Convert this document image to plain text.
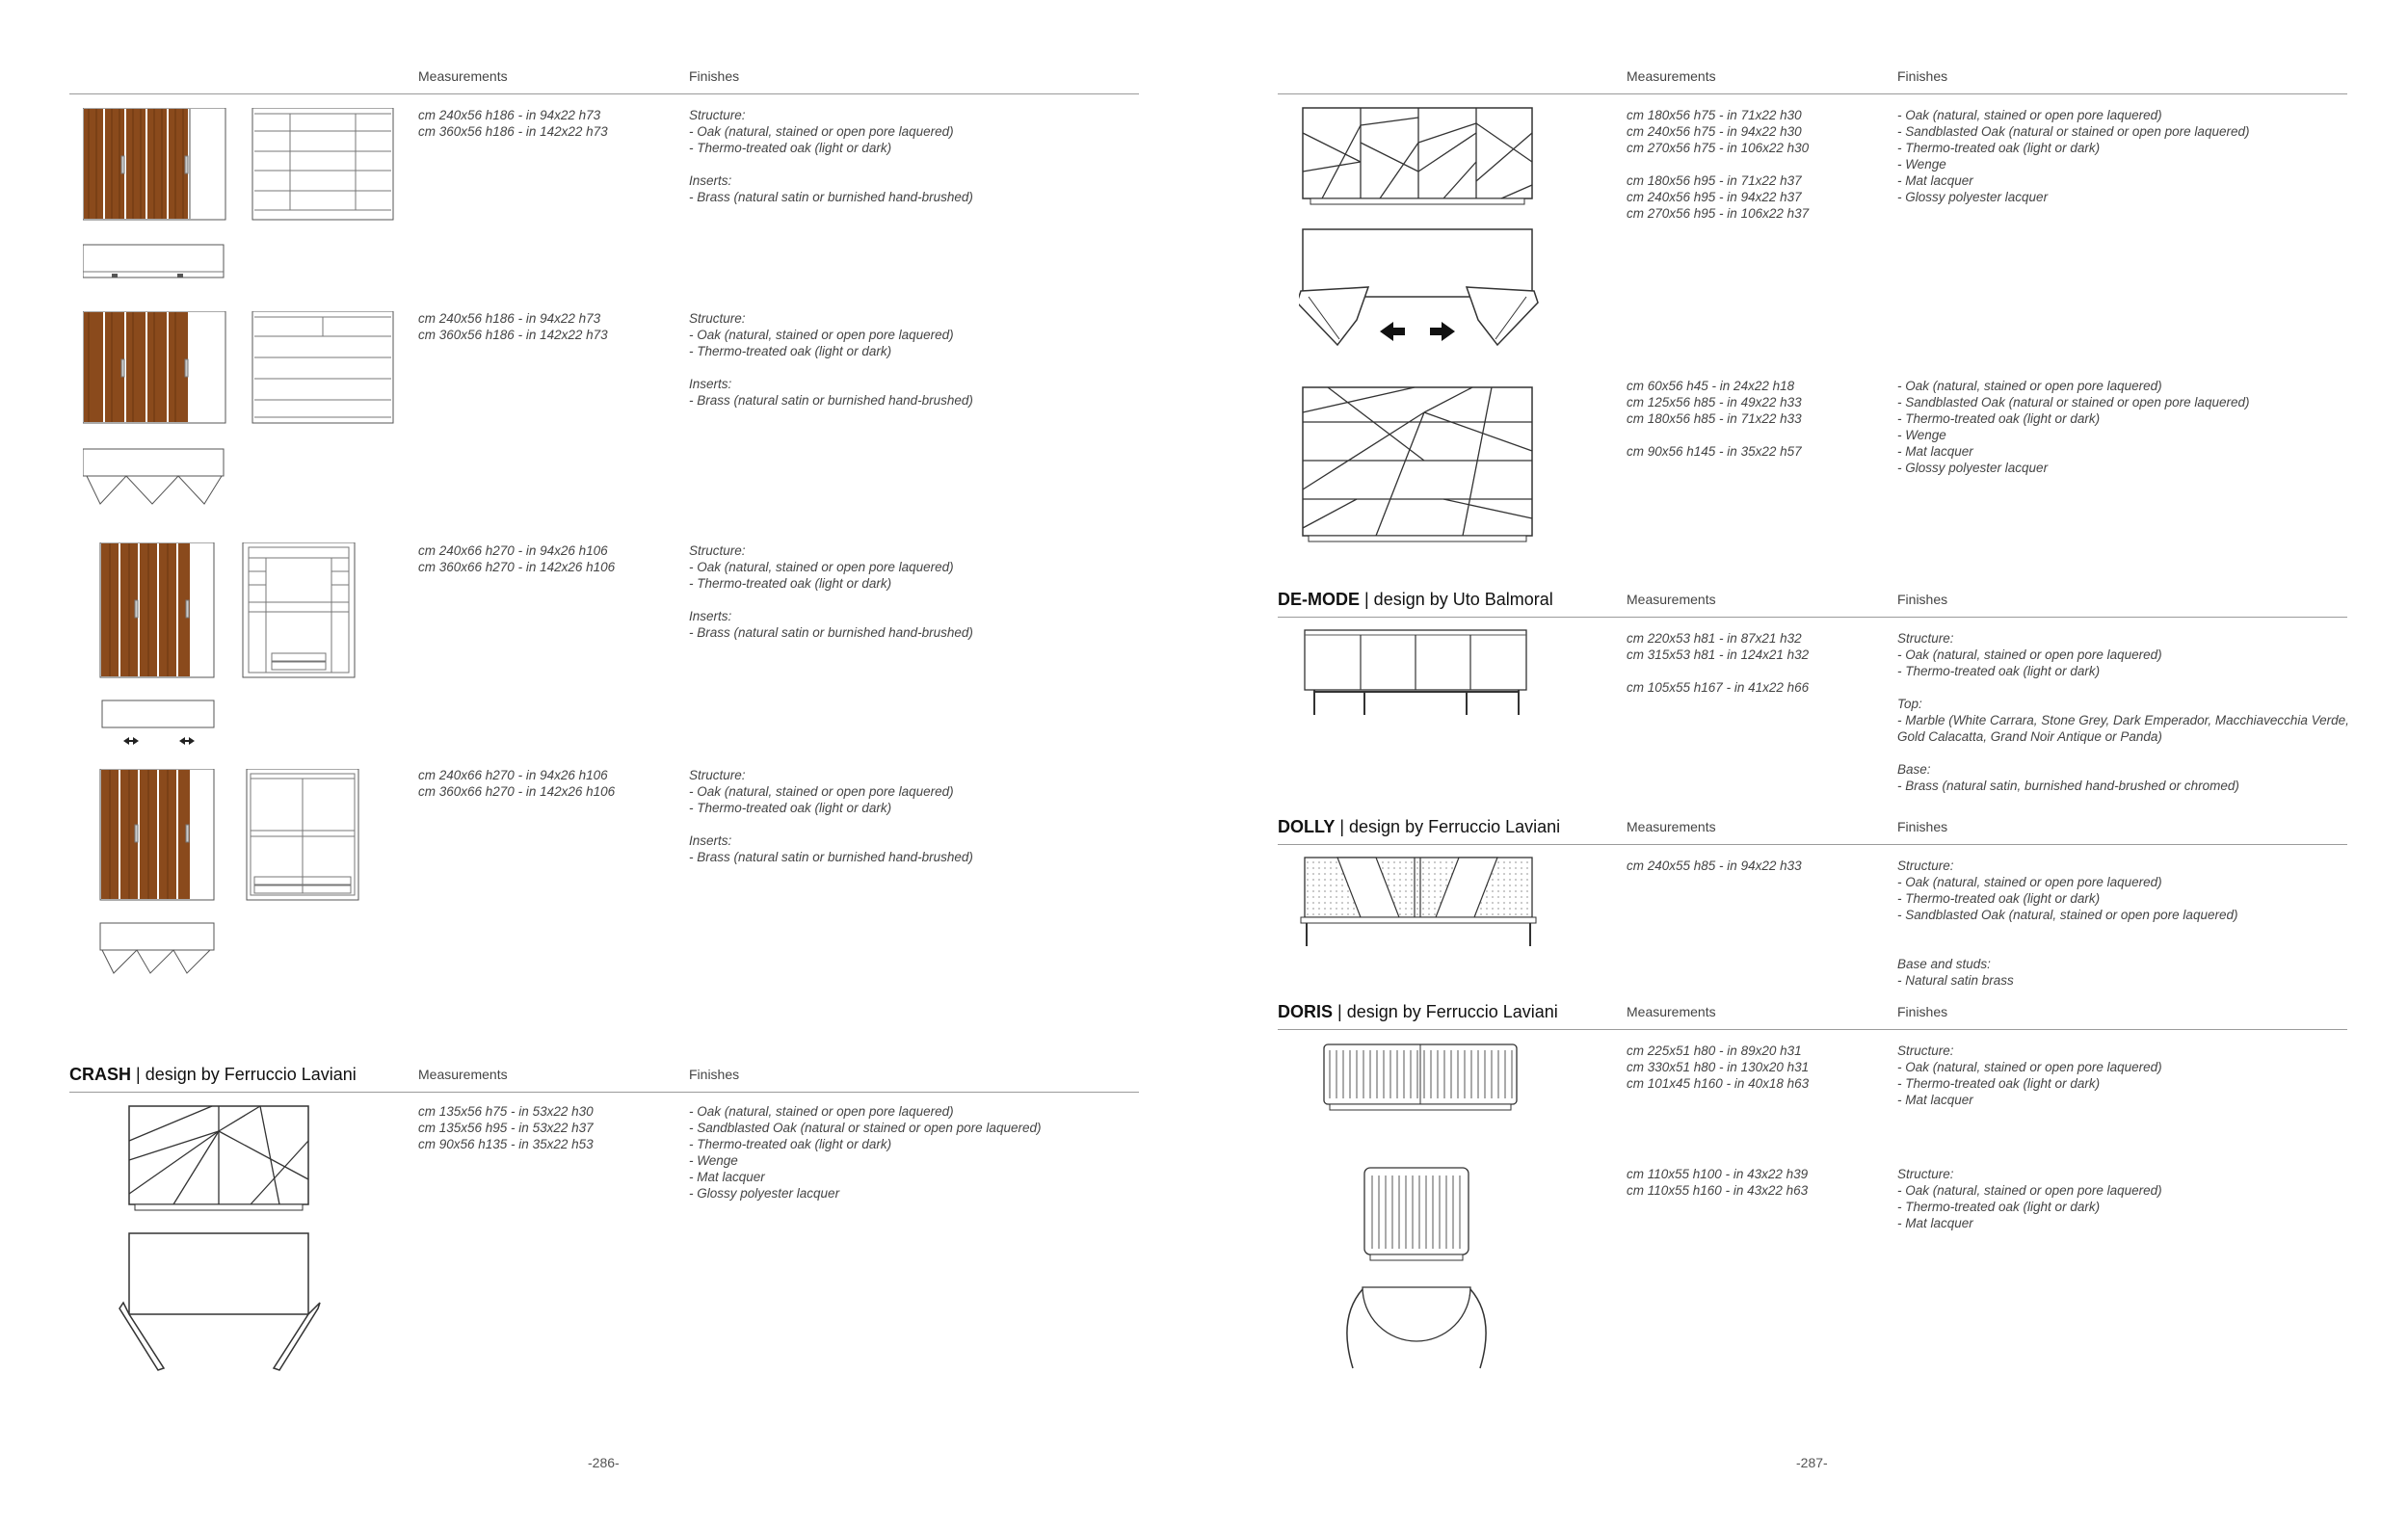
Measurements	Finishes
cm 240x56 h186 - in 94x22 h73
cm 360x56 h186 - in 142x22 h73
Structure:
- Oak (natural, stained or open pore laquered)
- Thermo-treated oak (light or dark)

Inserts:
- Brass (natural satin or burnished hand-brushed)
cm 240x56 h186 - in 94x22 h73
cm 360x56 h186 - in 142x22 h73
Structure:
- Oak (natural, stained or open pore laquered)
- Thermo-treated oak (light or dark)

Inserts:
- Brass (natural satin or burnished hand-brushed)
cm 240x66 h270 - in 94x26 h106
cm 360x66 h270 - in 142x26 h106
Structure:
- Oak (natural, stained or open pore laquered)
- Thermo-treated oak (light or dark)

Inserts:
- Brass (natural satin or burnished hand-brushed)
cm 240x66 h270 - in 94x26 h106
cm 360x66 h270 - in 142x26 h106
Structure:
- Oak (natural, stained or open pore laquered)
- Thermo-treated oak (light or dark)

Inserts:
- Brass (natural satin or burnished hand-brushed)
CRASH | design by Ferruccio Laviani	Measurements	Finishes
cm 135x56 h75 - in 53x22 h30
cm 135x56 h95 - in 53x22 h37
cm 90x56 h135 - in 35x22 h53
- Oak (natural, stained or open pore laquered)
- Sandblasted Oak (natural or stained or open pore laquered)
- Thermo-treated oak (light or dark)
- Wenge
- Mat lacquer
- Glossy polyester lacquer
-286-
Measurements	Finishes
cm 180x56 h75 - in 71x22 h30
cm 240x56 h75 - in 94x22 h30
cm 270x56 h75 - in 106x22 h30

cm 180x56 h95 - in 71x22 h37
cm 240x56 h95 - in 94x22 h37
cm 270x56 h95 - in 106x22 h37
- Oak (natural, stained or open pore laquered)
- Sandblasted Oak (natural or stained or open pore laquered)
- Thermo-treated oak (light or dark)
- Wenge
- Mat lacquer
- Glossy polyester lacquer
cm 60x56 h45 - in 24x22 h18
cm 125x56 h85 - in 49x22 h33
cm 180x56 h85 - in 71x22 h33

cm 90x56 h145 - in 35x22 h57
- Oak (natural, stained or open pore laquered)
- Sandblasted Oak (natural or stained or open pore laquered)
- Thermo-treated oak (light or dark)
- Wenge
- Mat lacquer
- Glossy polyester lacquer
DE-MODE | design by Uto Balmoral	Measurements	Finishes
cm 220x53 h81 - in 87x21 h32
cm 315x53 h81 - in 124x21 h32

cm 105x55 h167 - in 41x22 h66
Structure:
- Oak (natural, stained or open pore laquered)
- Thermo-treated oak (light or dark)

Top:
- Marble (White Carrara, Stone Grey, Dark Emperador, Macchiavecchia Verde,
Gold Calacatta, Grand Noir Antique or Panda)

Base:
- Brass (natural satin, burnished hand-brushed or chromed)
DOLLY | design by Ferruccio Laviani	Measurements	Finishes
cm 240x55 h85 - in 94x22 h33	Structure:
- Oak (natural, stained or open pore laquered)
- Thermo-treated oak (light or dark)
- Sandblasted Oak (natural, stained or open pore laquered)

Base and studs:
- Natural satin brass
DORIS | design by Ferruccio Laviani	Measurements	Finishes
cm 225x51 h80 - in 89x20 h31
cm 330x51 h80 - in 130x20 h31
cm 101x45 h160 - in 40x18 h63
Structure:
- Oak (natural, stained or open pore laquered)
- Thermo-treated oak (light or dark)
- Mat lacquer
cm 110x55 h100 - in 43x22 h39
cm 110x55 h160 - in 43x22 h63
Structure:
- Oak (natural, stained or open pore laquered)
- Thermo-treated oak (light or dark)
- Mat lacquer
-287-
